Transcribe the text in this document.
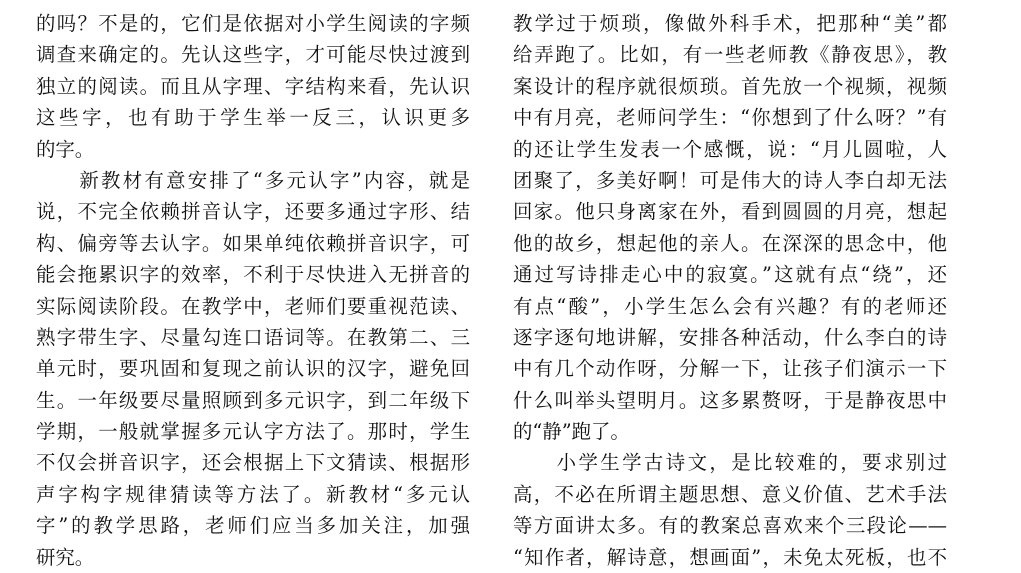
的吗？不是的，它们是依据对小学生阅读的字频
调查来确定的。先认这些字，才可能尽快过渡到
独立的阅读。而且从字理、字结构来看，先认识
这些字，也有助于学生举一反三，认识更多
的字。
　　新教材有意安排了“多元认字”内容，就是
说，不完全依赖拼音认字，还要多通过字形、结
构、偏旁等去认字。如果单纯依赖拼音识字，可
能会拖累识字的效率，不利于尽快进入无拼音的
实际阅读阶段。在教学中，老师们要重视范读、
熟字带生字、尽量勾连口语词等。在教第二、三
单元时，要巩固和复现之前认识的汉字，避免回
生。一年级要尽量照顾到多元识字，到二年级下
学期，一般就掌握多元认字方法了。那时，学生
不仅会拼音识字，还会根据上下文猜读、根据形
声字构字规律猜读等方法了。新教材“多元认
字”的教学思路，老师们应当多加关注，加强
研究。
教学过于烦琐，像做外科手术，把那种“美”都
给弄跑了。比如，有一些老师教《静夜思》，教
案设计的程序就很烦琐。首先放一个视频，视频
中有月亮，老师问学生：“你想到了什么呀？”有
的还让学生发表一个感慨，说：“月儿圆啦，人
团聚了，多美好啊！可是伟大的诗人李白却无法
回家。他只身离家在外，看到圆圆的月亮，想起
他的故乡，想起他的亲人。在深深的思念中，他
通过写诗排走心中的寂寞。”这就有点“绕”，还
有点“酸”，小学生怎么会有兴趣？有的老师还
逐字逐句地讲解，安排各种活动，什么李白的诗
中有几个动作呀，分解一下，让孩子们演示一下
什么叫举头望明月。这多累赘呀，于是静夜思中
的“静”跑了。
　　小学生学古诗文，是比较难的，要求别过
高，不必在所谓主题思想、意义价值、艺术手法
等方面讲太多。有的教案总喜欢来个三段论——
“知作者，解诗意，想画面”，未免太死板，也不
